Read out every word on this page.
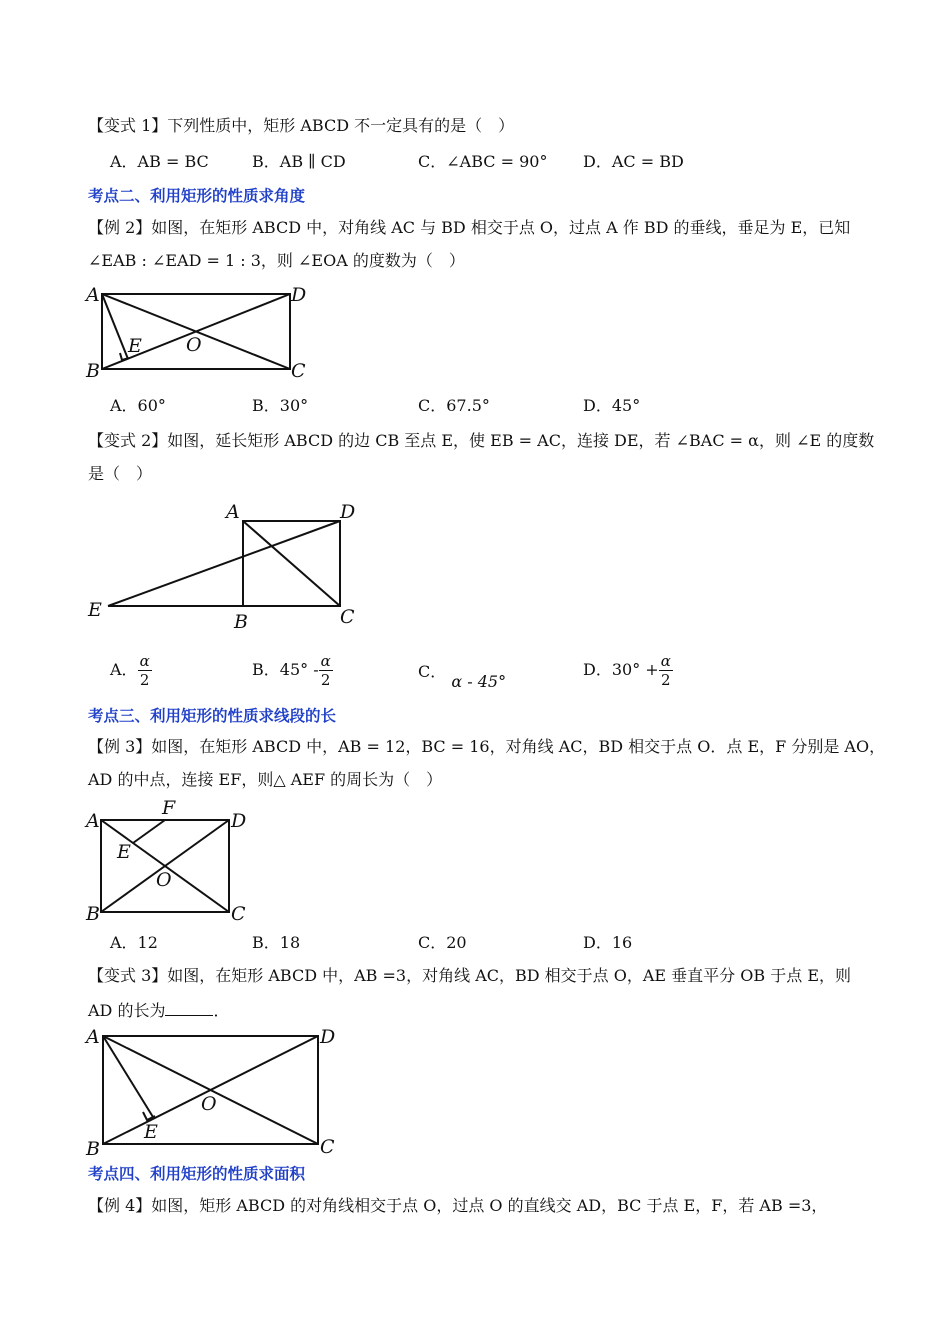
【变式 1】下列性质中，矩形 ABCD 不一定具有的是（　）
A．AB = BC	B．AB ∥ CD	C．∠ABC = 90° D．AC = BD
考点二、利用矩形的性质求角度
【例 2】如图，在矩形 ABCD 中，对角线 AC 与 BD 相交于点 O，过点 A 作 BD 的垂线，垂足为 E，已知
∠EAB : ∠EAD = 1 : 3，则 ∠EOA 的度数为（　）
A	D
B	C
E O
A．60°	B．30°	C．67.5°	D．45°
【变式 2】如图，延长矩形 ABCD 的边 CB 至点 E，使 EB = AC，连接 DE，若 ∠BAC = α，则 ∠E 的度数
是（　）
A	D
E
B	C
A． $\frac{\alpha}{2}$	B．$45^\circ - \frac{\alpha}{2}$	C． α - 45°
D．$30^\circ + \frac{\alpha}{2}$
考点三、利用矩形的性质求线段的长
【例 3】如图，在矩形 ABCD 中，AB = 12，BC = 16，对角线 AC，BD 相交于点 O．点 E，F 分别是 AO，
AD 的中点，连接 EF，则△ AEF 的周长为（　）
A
F
D
E
O
B	C
A．12	B．18	C．20	D．16
【变式 3】如图，在矩形 ABCD 中，AB =3，对角线 AC，BD 相交于点 O，AE 垂直平分 OB 于点 E，则
AD 的长为	．
A	D
O
E
B	C
考点四、利用矩形的性质求面积
【例 4】如图，矩形 ABCD 的对角线相交于点 O，过点 O 的直线交 AD，BC 于点 E，F，若 AB =3，
